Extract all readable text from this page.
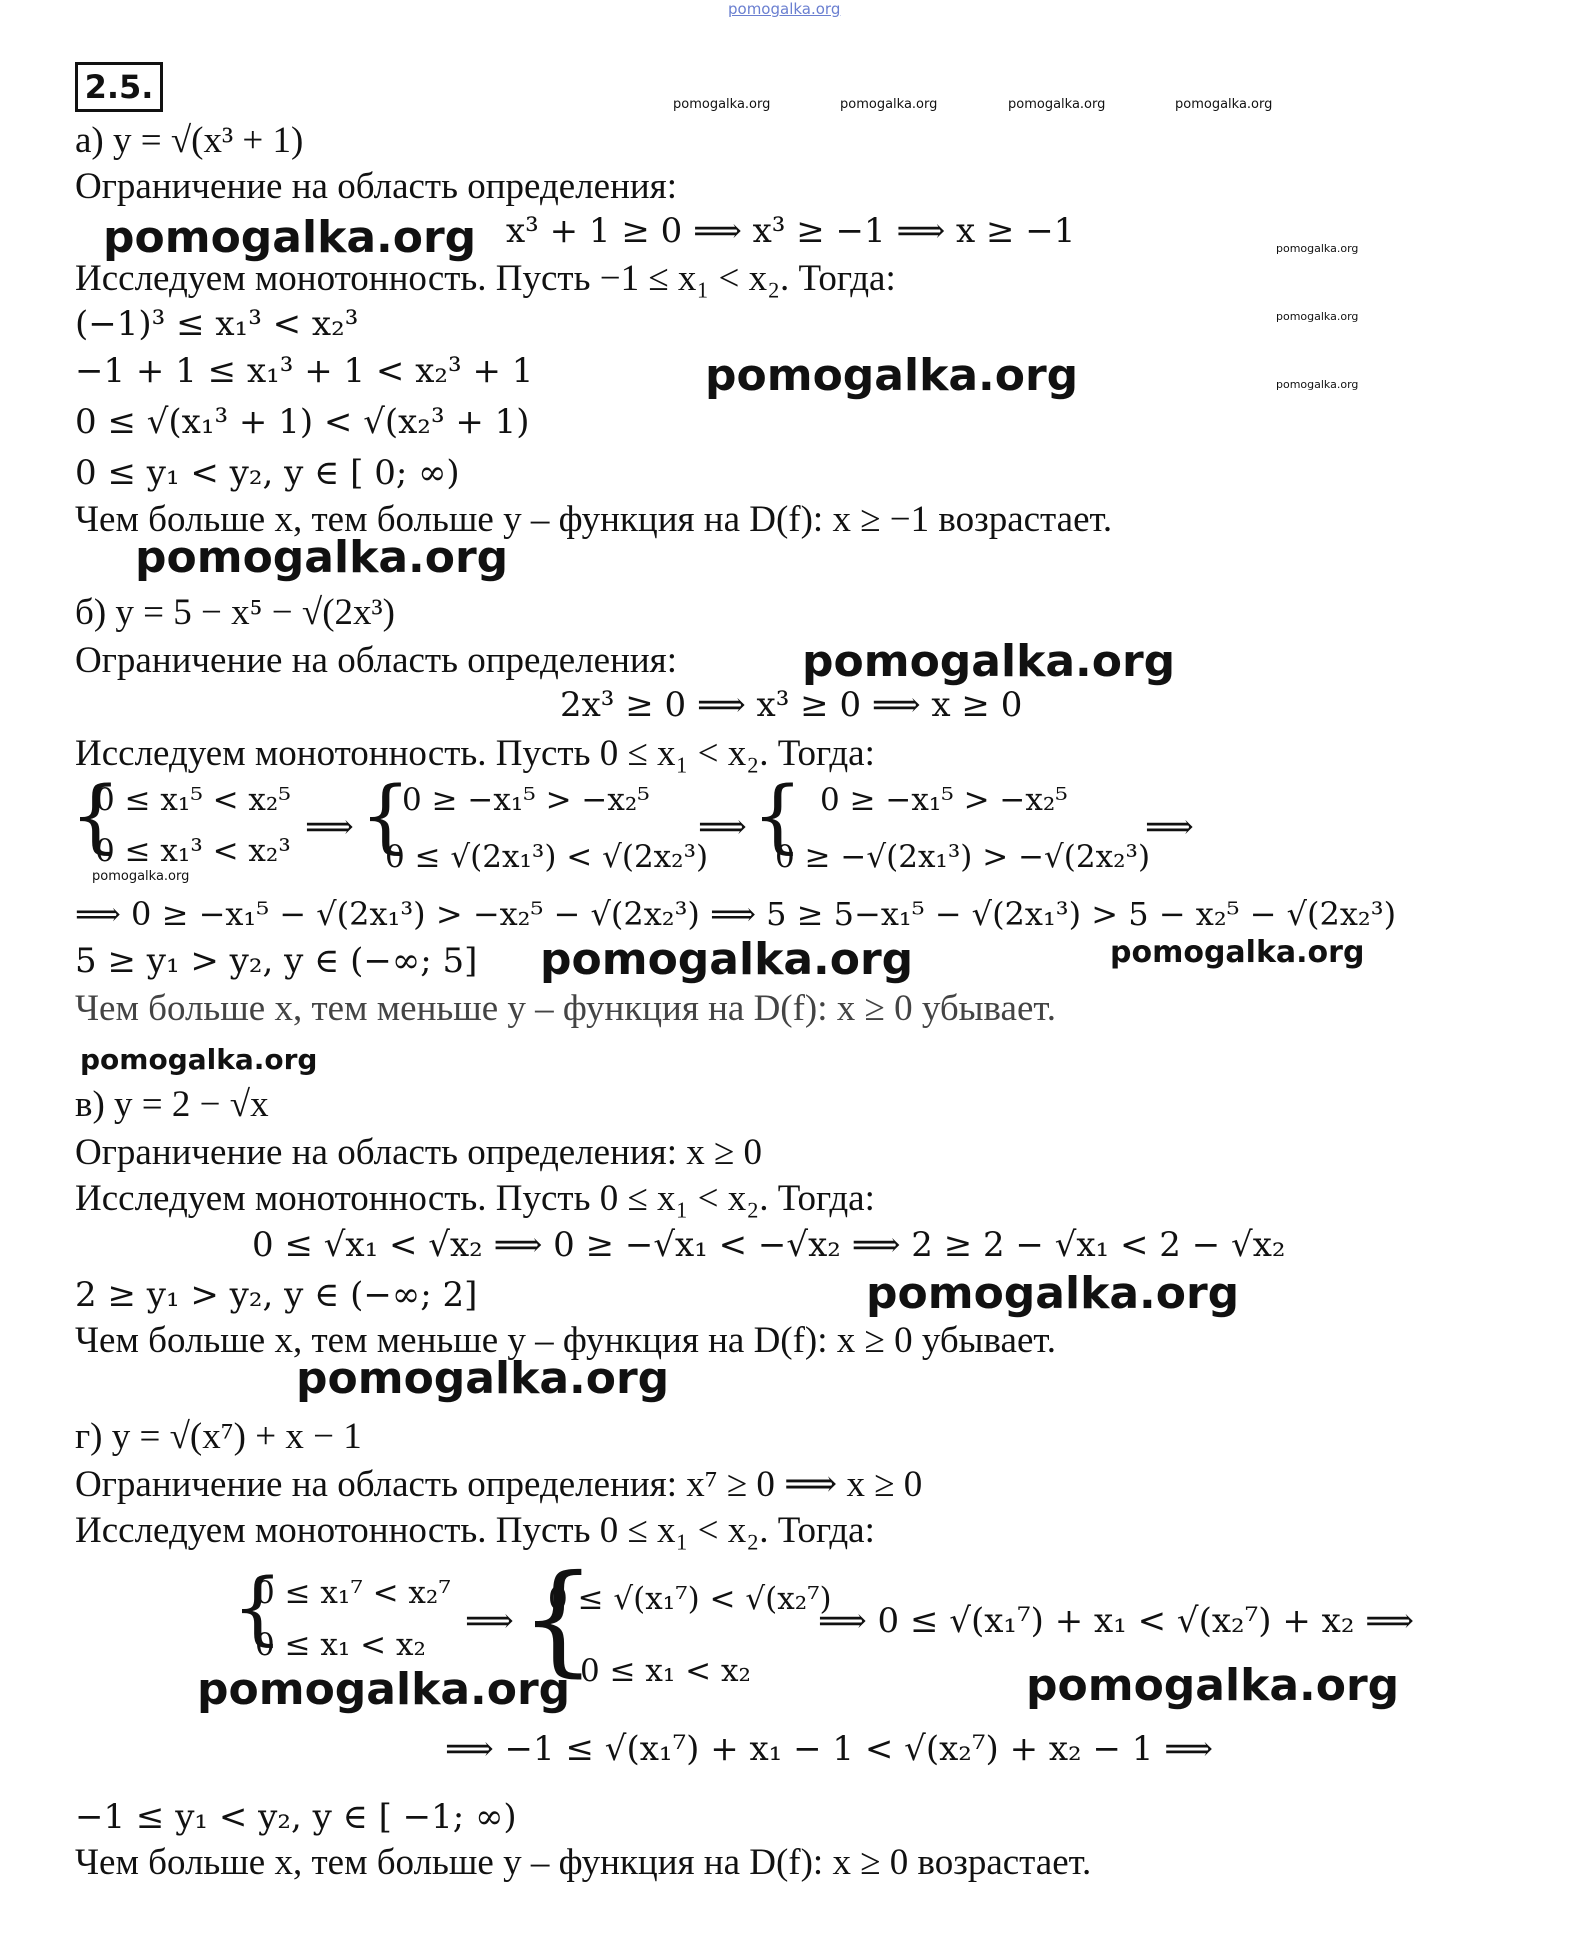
pomogalka.org
pomogalka.org	pomogalka.org	pomogalka.org	pomogalka.org
pomogalka.org
pomogalka.org
pomogalka.org
pomogalka.org
pomogalka.org
pomogalka.org
pomogalka.org
pomogalka.org
pomogalka.org	pomogalka.org
pomogalka.org
pomogalka.org
pomogalka.org
pomogalka.org	pomogalka.org
2.5.
а) y = √(x³ + 1)
Ограничение на область определения:
x³ + 1 ≥ 0 ⟹ x³ ≥ −1 ⟹ x ≥ −1
Исследуем монотонность. Пусть −1 ≤ x₁ < x₂. Тогда:
(−1)³ ≤ x₁³ < x₂³
−1 + 1 ≤ x₁³ + 1 < x₂³ + 1
0 ≤ √(x₁³ + 1) < √(x₂³ + 1)
0 ≤ y₁ < y₂, y ∈ [ 0; ∞)
Чем больше x, тем больше y – функция на D(f): x ≥ −1 возрастает.
б) y = 5 − x⁵ − √(2x³)
Ограничение на область определения:
2x³ ≥ 0 ⟹ x³ ≥ 0 ⟹ x ≥ 0
Исследуем монотонность. Пусть 0 ≤ x₁ < x₂. Тогда:
{
0 ≤ x₁⁵ < x₂⁵
0 ≤ x₁³ < x₂³
⟹ {
0 ≥ −x₁⁵ > −x₂⁵
0 ≤ √(2x₁³) < √(2x₂³)
⟹ { 0 ≥ −x₁⁵ > −x₂⁵
0 ≥ −√(2x₁³) > −√(2x₂³)
⟹
⟹ 0 ≥ −x₁⁵ − √(2x₁³) > −x₂⁵ − √(2x₂³) ⟹ 5 ≥ 5−x₁⁵ − √(2x₁³) > 5 − x₂⁵ − √(2x₂³)
5 ≥ y₁ > y₂, y ∈ (−∞; 5]
Чем больше x, тем меньше y – функция на D(f): x ≥ 0 убывает.
в) y = 2 − √x
Ограничение на область определения: x ≥ 0
Исследуем монотонность. Пусть 0 ≤ x₁ < x₂. Тогда:
0 ≤ √x₁ < √x₂ ⟹ 0 ≥ −√x₁ < −√x₂ ⟹ 2 ≥ 2 − √x₁ < 2 − √x₂
2 ≥ y₁ > y₂, y ∈ (−∞; 2]
Чем больше x, тем меньше y – функция на D(f): x ≥ 0 убывает.
г) y = √(x⁷) + x − 1
Ограничение на область определения: x⁷ ≥ 0 ⟹ x ≥ 0
Исследуем монотонность. Пусть 0 ≤ x₁ < x₂. Тогда:
{
0 ≤ x₁⁷ < x₂⁷
0 ≤ x₁ < x₂
⟹ {
0 ≤ √(x₁⁷) < √(x₂⁷)
0 ≤ x₁ < x₂
⟹ 0 ≤ √(x₁⁷) + x₁ < √(x₂⁷) + x₂ ⟹
⟹ −1 ≤ √(x₁⁷) + x₁ − 1 < √(x₂⁷) + x₂ − 1 ⟹
−1 ≤ y₁ < y₂, y ∈ [ −1; ∞)
Чем больше x, тем больше y – функция на D(f): x ≥ 0 возрастает.
